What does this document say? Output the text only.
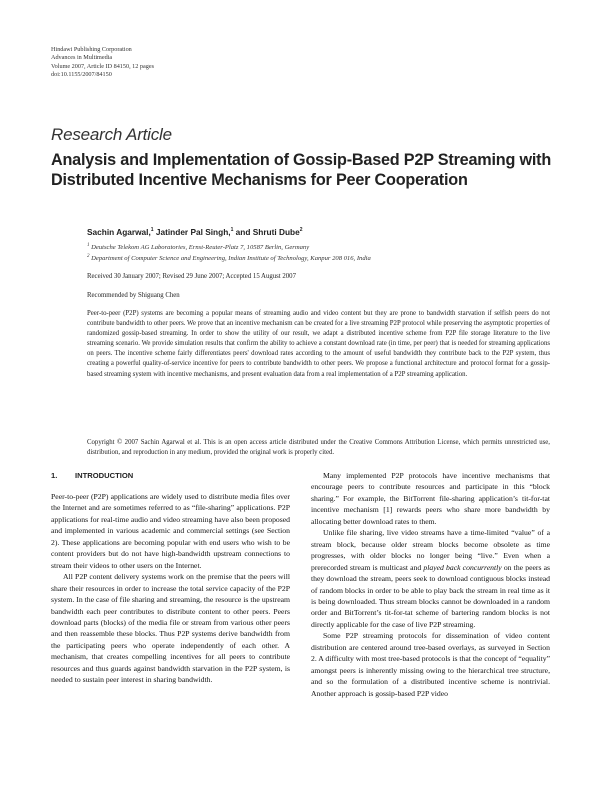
Hindawi Publishing Corporation
Advances in Multimedia
Volume 2007, Article ID 84150, 12 pages
doi:10.1155/2007/84150
Research Article
Analysis and Implementation of Gossip-Based P2P Streaming with Distributed Incentive Mechanisms for Peer Cooperation
Sachin Agarwal,$^1$ Jatinder Pal Singh,$^1$ and Shruti Dube$^2$
$^1$ Deutsche Telekom AG Laboratories, Ernst-Reuter-Platz 7, 10587 Berlin, Germany
$^2$ Department of Computer Science and Engineering, Indian Institute of Technology, Kanpur 208 016, India
Received 30 January 2007; Revised 29 June 2007; Accepted 15 August 2007
Recommended by Shiguang Chen
Peer-to-peer (P2P) systems are becoming a popular means of streaming audio and video content but they are prone to bandwidth starvation if selfish peers do not contribute bandwidth to other peers. We prove that an incentive mechanism can be created for a live streaming P2P protocol while preserving the asymptotic properties of randomized gossip-based streaming. In order to show the utility of our result, we adapt a distributed incentive scheme from P2P file storage literature to the live streaming scenario. We provide simulation results that confirm the ability to achieve a constant download rate (in time, per peer) that is needed for streaming applications on peers. The incentive scheme fairly differentiates peers' download rates according to the amount of useful bandwidth they contribute back to the P2P system, thus creating a powerful quality-of-service incentive for peers to contribute bandwidth to other peers. We propose a functional architecture and protocol format for a gossip-based streaming system with incentive mechanisms, and present evaluation data from a real implementation of a P2P streaming application.
Copyright © 2007 Sachin Agarwal et al. This is an open access article distributed under the Creative Commons Attribution License, which permits unrestricted use, distribution, and reproduction in any medium, provided the original work is properly cited.
1. INTRODUCTION

Peer-to-peer (P2P) applications are widely used to distribute media files over the Internet and are sometimes referred to as “file-sharing” applications. P2P applications for real-time audio and video streaming have also been proposed and implemented in various academic and commercial settings (see Section 2). These applications are becoming popular with end users who wish to be content providers but do not have high-bandwidth upstream connections to stream their videos to other users on the Internet.

All P2P content delivery systems work on the premise that the peers will share their resources in order to increase the total service capacity of the P2P system. In the case of file sharing and streaming, the resource is the upstream bandwidth each peer contributes to distribute content to other peers. Peers download parts (blocks) of the media file or stream from various other peers and then reassemble these blocks. Thus P2P systems derive bandwidth from the participating peers who operate independently of each other. A mechanism, that creates compelling incentives for all peers to contribute resources and thus guards against bandwidth starvation in the P2P system, is needed to sustain peer interest in sharing bandwidth.

Many implemented P2P protocols have incentive mechanisms that encourage peers to contribute resources and participate in this “block sharing.” For example, the BitTorrent file-sharing application’s tit-for-tat incentive mechanism [1] rewards peers who share more bandwidth by allocating better download rates to them.

Unlike file sharing, live video streams have a time-limited “value” of a stream block, because older stream blocks become obsolete as time progresses, with older blocks no longer being “live.” Even when a prerecorded stream is multicast and played back concurrently on the peers as they download the stream, peers seek to download contiguous blocks instead of random blocks in order to be able to play back the stream in real time as it is being downloaded. Thus stream blocks cannot be downloaded in a random order and BitTorrent’s tit-for-tat scheme of bartering random blocks is not directly applicable for the case of live P2P streaming.

Some P2P streaming protocols for dissemination of video content distribution are centered around tree-based overlays, as surveyed in Section 2. A difficulty with most tree-based protocols is that the concept of “equality” amongst peers is inherently missing owing to the hierarchical tree structure, and so the formulation of a distributed incentive scheme is nontrivial. Another approach is gossip-based P2P video
